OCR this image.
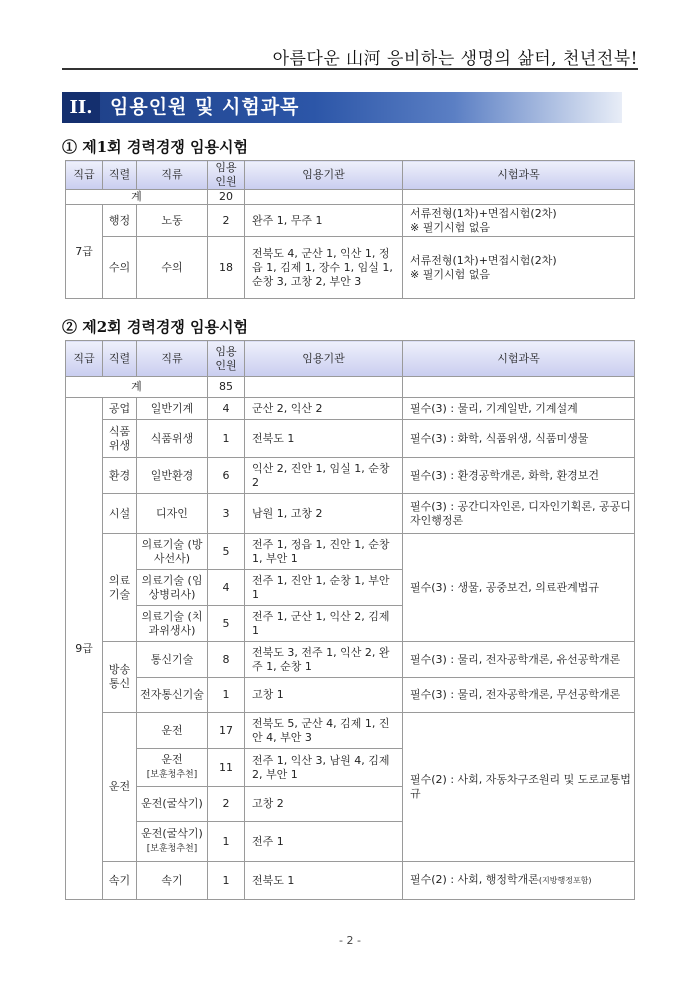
아름다운 山河 응비하는 생명의 삶터, 천년전북!
II. 임용인원 및 시험과목
① 제1회 경력경쟁 임용시험
직급	직렬	직류	임용
인원	임용기관	시험과목
계			20		
7급	행정	노동	2	완주 1, 무주 1	서류전형(1차)+면접시험(2차)
※ 필기시험 없음
	수의	수의	18	전북도 4, 군산 1, 익산 1, 정읍 1, 김제 1, 장수 1, 임실 1, 순창 3, 고창 2, 부안 3	서류전형(1차)+면접시험(2차)
※ 필기시험 없음
② 제2회 경력경쟁 임용시험
직급	직렬	직류	임용
인원	임용기관	시험과목
계			85		
9급	공업	일반기계	4	군산 2, 익산 2	필수(3) : 물리, 기계일반, 기계설계

	식품위생	식품위생	1	전북도 1	필수(3) : 화학, 식품위생, 식품미생물
	환경	일반환경	6	익산 2, 진안 1, 임실 1, 순창 2	필수(3) : 환경공학개론, 화학, 환경보건
	시설	디자인	3	남원 1, 고창 2	필수(3) : 공간디자인론, 디자인기획론, 공공디자인행정론

	의료기술	의료기술 (방사선사)	5	전주 1, 정읍 1, 진안 1, 순창 1, 부안 1	필수(3) : 생물, 공중보건, 의료관계법규
		의료기술 (임상병리사)	4	전주 1, 진안 1, 순창 1, 부안 1	
		의료기술 (치과위생사)	5	전주 1, 군산 1, 익산 2, 김제 1	

	방송통신	통신기술	8	전북도 3, 전주 1, 익산 2, 완주 1, 순창 1	필수(3) : 물리, 전자공학개론, 유선공학개론
		전자통신기술	1	고창 1	필수(3) : 물리, 전자공학개론, 무선공학개론
	운전	운전	17	전북도 5, 군산 4, 김제 1, 진안 4, 부안 3	필수(2) : 사회, 자동차구조원리 및 도로교통법규
		운전
[보훈청추천]	11	전주 1, 익산 3, 남원 4, 김제 2, 부안 1	
		운전(굴삭기)	2	고창 2	
		운전(굴삭기)
[보훈청추천]	1	전주 1	
	속기	속기	1	전북도 1	필수(2) : 사회, 행정학개론(지방행정포함)
- 2 -
